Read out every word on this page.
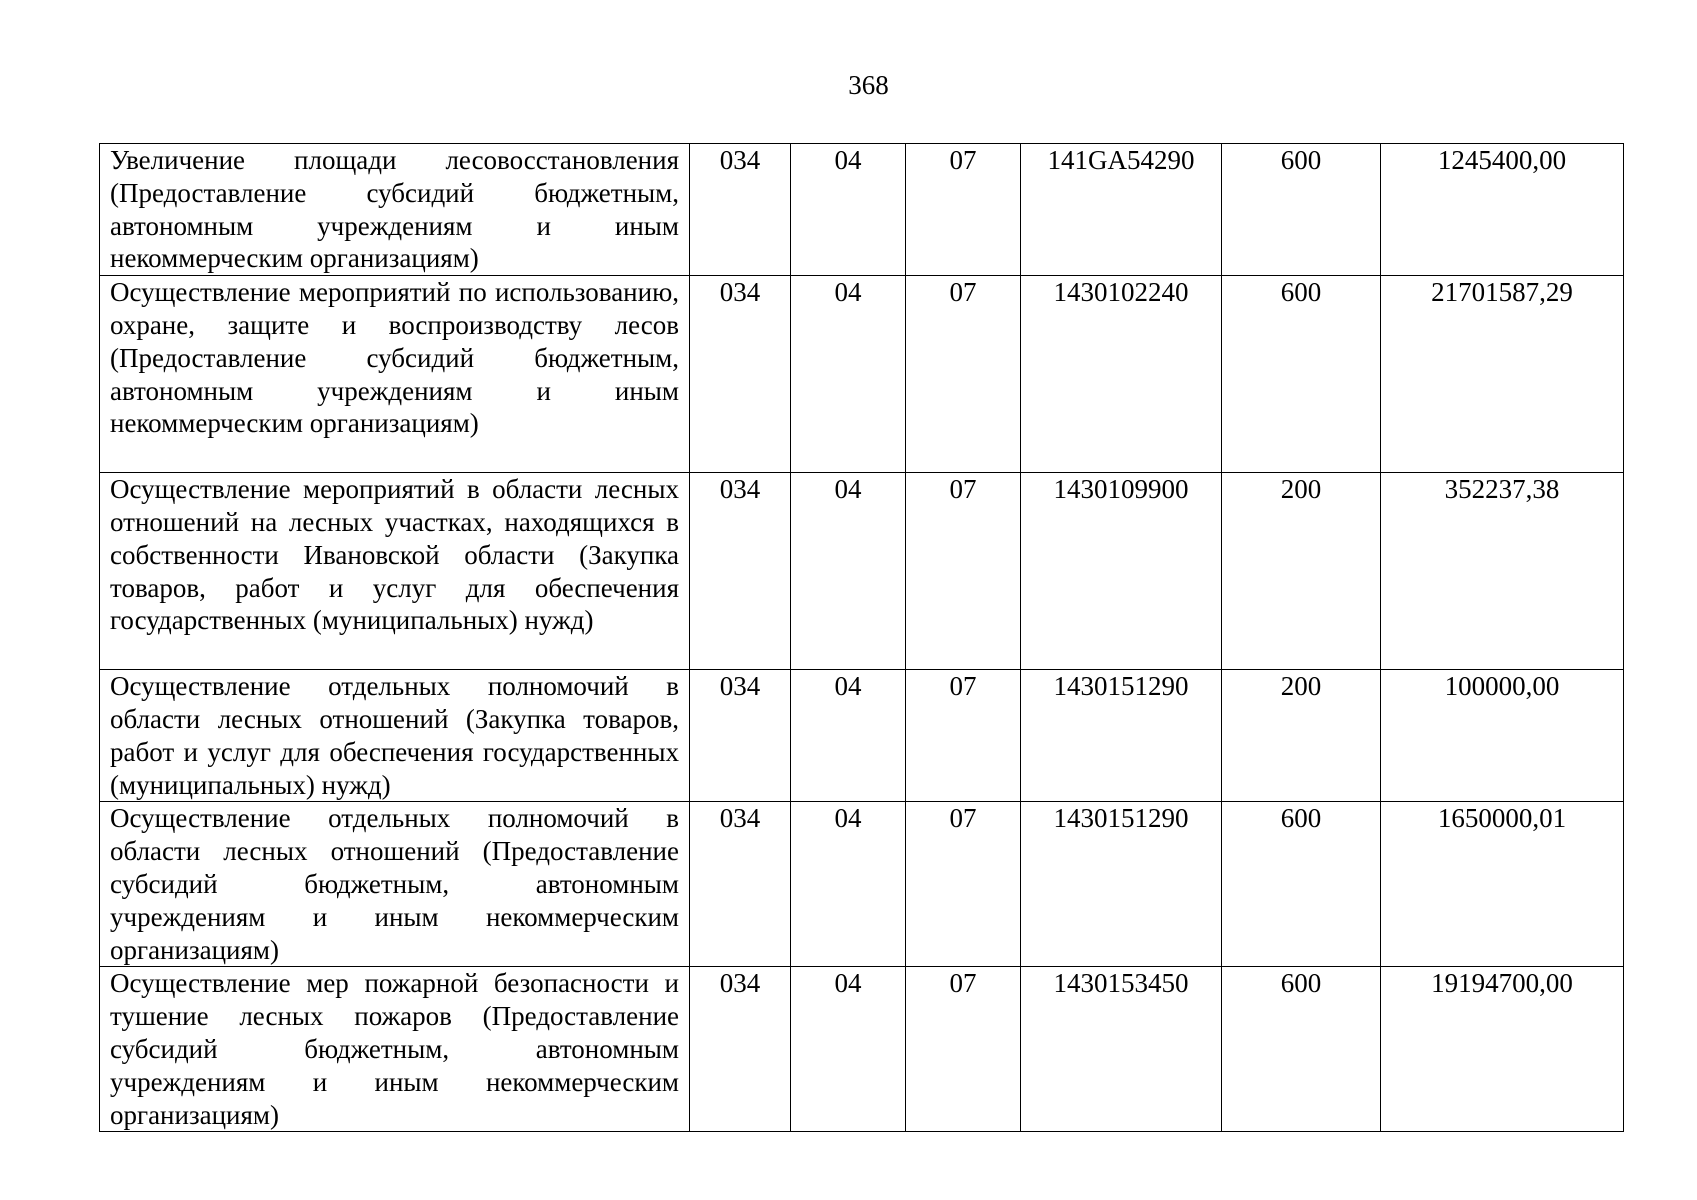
368
Увеличение площади лесовосстановления (Предоставление субсидий бюджетным, автономным учреждениям и иным некоммерческим организациям)	034	04	07	141GA54290	600	1245400,00
Осуществление мероприятий по использованию, охране, защите и воспроизводству лесов (Предоставление субсидий бюджетным, автономным учреждениям и иным некоммерческим организациям)	034	04	07	1430102240	600	21701587,29
Осуществление мероприятий в области лесных отношений на лесных участках, находящихся в собственности Ивановской области (Закупка товаров, работ и услуг для обеспечения государственных (муниципальных) нужд)	034	04	07	1430109900	200	352237,38
Осуществление отдельных полномочий в области лесных отношений (Закупка товаров, работ и услуг для обеспечения государственных (муниципальных) нужд)	034	04	07	1430151290	200	100000,00
Осуществление отдельных полномочий в области лесных отношений (Предоставление субсидий бюджетным, автономным учреждениям и иным некоммерческим организациям)	034	04	07	1430151290	600	1650000,01
Осуществление мер пожарной безопасности и тушение лесных пожаров (Предоставление субсидий бюджетным, автономным учреждениям и иным некоммерческим организациям)	034	04	07	1430153450	600	19194700,00
